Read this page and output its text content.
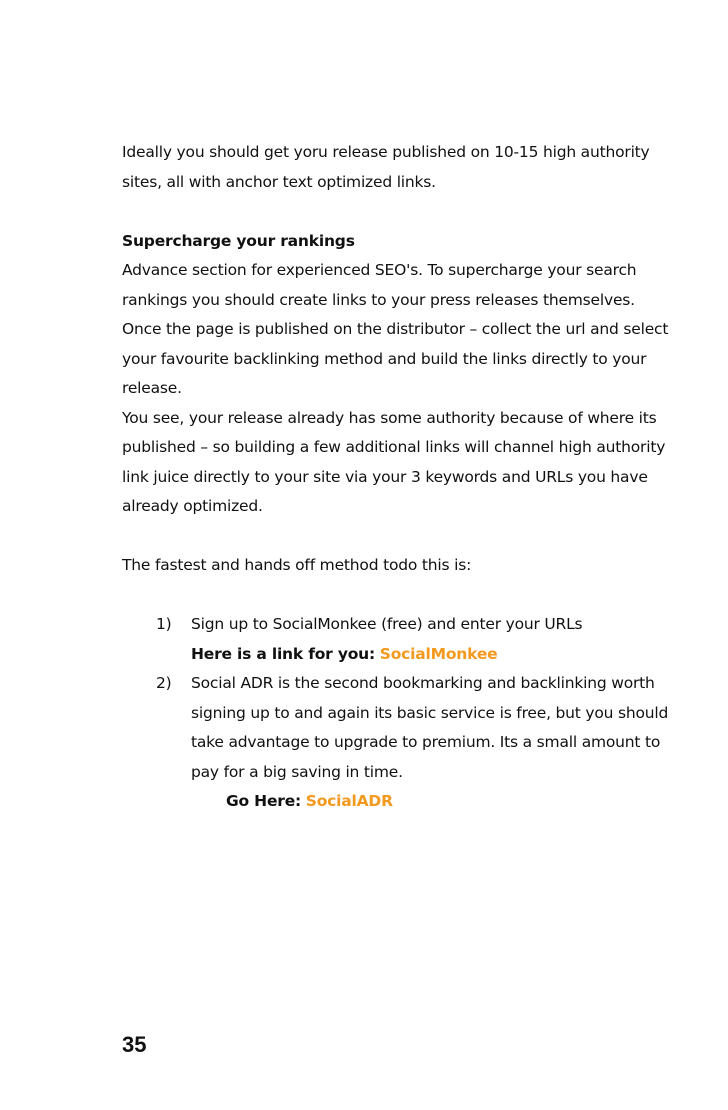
Ideally you should get yoru release published on 10-15 high authority sites, all with anchor text optimized links.

Supercharge your rankings

Advance section for experienced SEO's. To supercharge your search rankings you should create links to your press releases themselves.

Once the page is published on the distributor – collect the url and select your favourite backlinking method and build the links directly to your release.

You see, your release already has some authority because of where its published – so building a few additional links will channel high authority link juice directly to your site via your 3 keywords and URLs you have already optimized.

The fastest and hands off method todo this is:

1) Sign up to SocialMonkee (free) and enter your URLs

Here is a link for you: SocialMonkee

2) Social ADR is the second bookmarking and backlinking worth signing up to and again its basic service is free, but you should take advantage to upgrade to premium. Its a small amount to pay for a big saving in time.

Go Here: SocialADR

35
